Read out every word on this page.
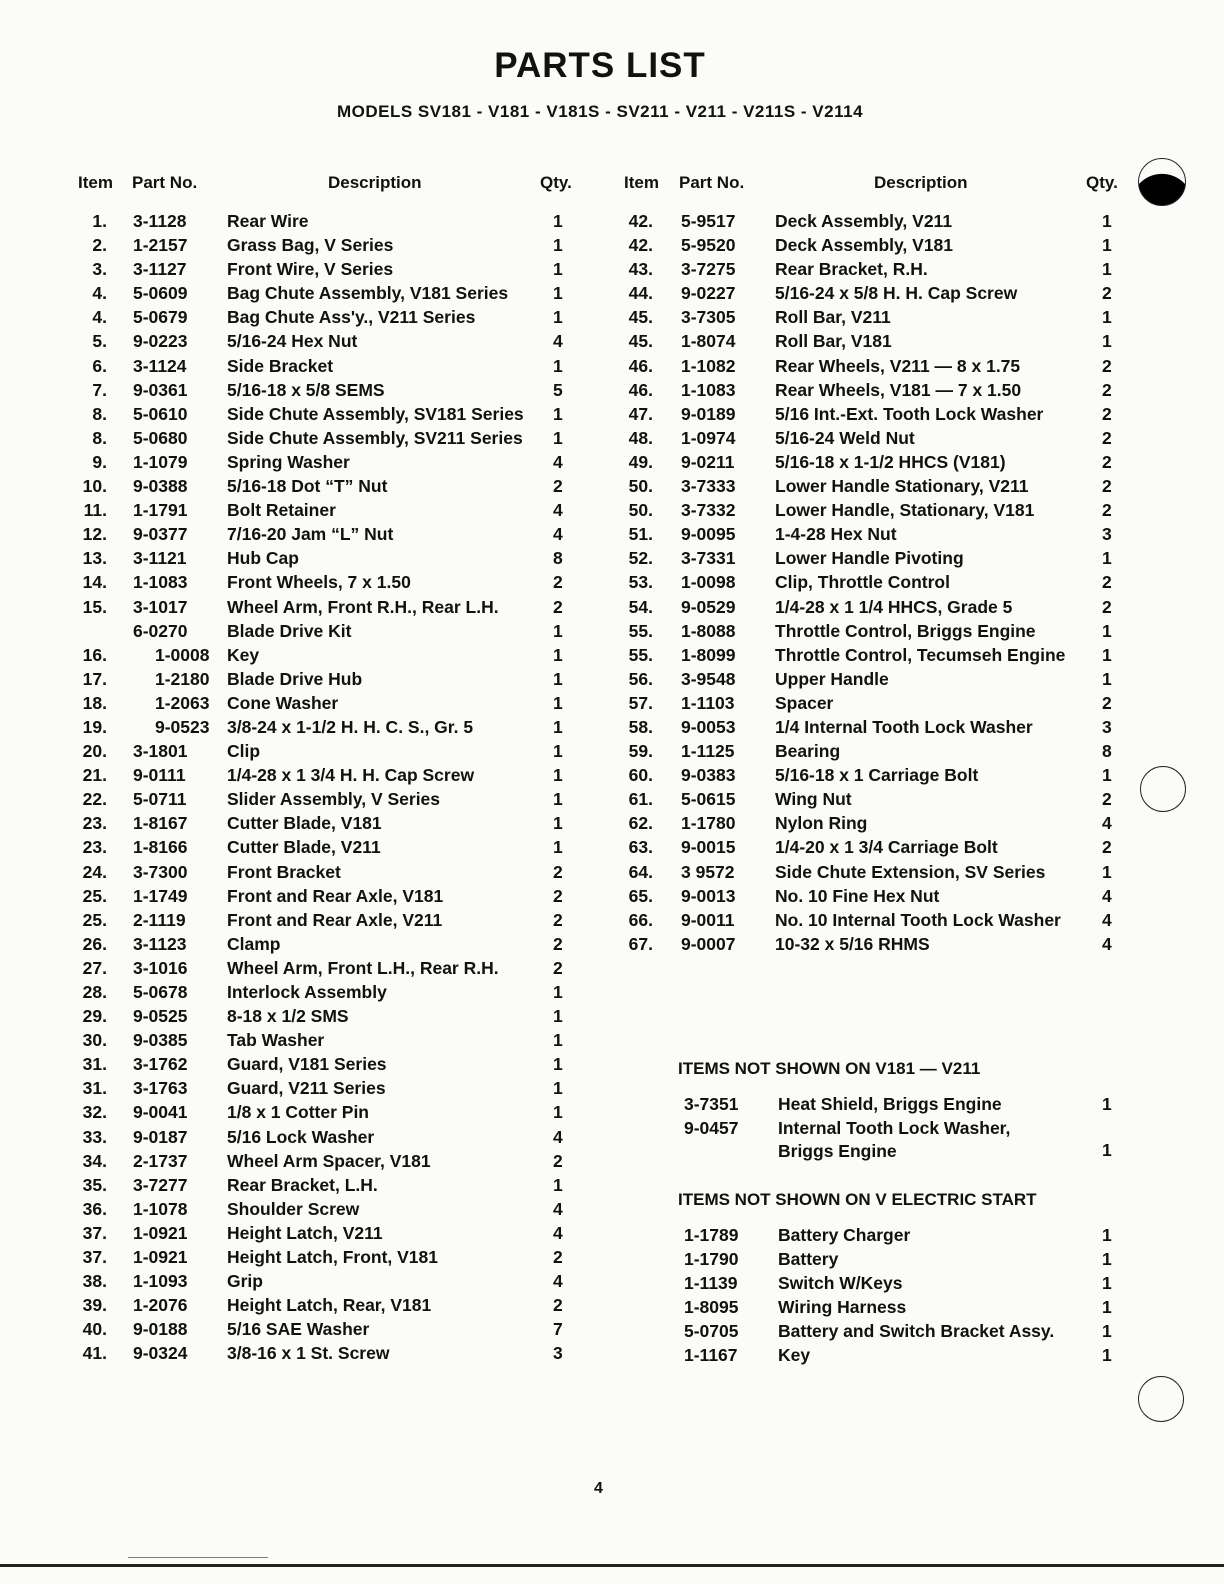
PARTS LIST
MODELS SV181 - V181 - V181S - SV211 - V211 - V211S - V2114
Item Part No.	Description	Qty.	Item Part No.	Description	Qty.
1. 3-1128 Rear Wire	1
2. 1-2157 Grass Bag, V Series	1
3. 3-1127 Front Wire, V Series	1
4. 5-0609 Bag Chute Assembly, V181 Series	1
4. 5-0679 Bag Chute Ass'y., V211 Series	1
5. 9-0223 5/16-24 Hex Nut	4
6. 3-1124 Side Bracket	1
7. 9-0361 5/16-18 x 5/8 SEMS	5
8. 5-0610 Side Chute Assembly, SV181 Series 1
8. 5-0680 Side Chute Assembly, SV211 Series 1
9. 1-1079 Spring Washer	4
10. 9-0388 5/16-18 Dot “T” Nut	2
11. 1-1791 Bolt Retainer	4
12. 9-0377 7/16-20 Jam “L” Nut	4
13. 3-1121 Hub Cap	8
14. 1-1083 Front Wheels, 7 x 1.50	2
15. 3-1017 Wheel Arm, Front R.H., Rear L.H.	2
6-0270 Blade Drive Kit	1
16.	1-0008 Key	1
17.	1-2180 Blade Drive Hub	1
18.	1-2063 Cone Washer	1
19.	9-0523 3/8-24 x 1-1/2 H. H. C. S., Gr. 5	1
20. 3-1801 Clip	1
21. 9-0111 1/4-28 x 1 3/4 H. H. Cap Screw	1
22. 5-0711 Slider Assembly, V Series	1
23. 1-8167 Cutter Blade, V181	1
23. 1-8166 Cutter Blade, V211	1
24. 3-7300 Front Bracket	2
25. 1-1749 Front and Rear Axle, V181	2
25. 2-1119 Front and Rear Axle, V211	2
26. 3-1123 Clamp	2
27. 3-1016 Wheel Arm, Front L.H., Rear R.H.	2
28. 5-0678 Interlock Assembly	1
29. 9-0525 8-18 x 1/2 SMS	1
30. 9-0385 Tab Washer	1
31. 3-1762 Guard, V181 Series	1
31. 3-1763 Guard, V211 Series	1
32. 9-0041 1/8 x 1 Cotter Pin	1
33. 9-0187 5/16 Lock Washer	4
34. 2-1737 Wheel Arm Spacer, V181	2
35. 3-7277 Rear Bracket, L.H.	1
36. 1-1078 Shoulder Screw	4
37. 1-0921 Height Latch, V211	4
37. 1-0921 Height Latch, Front, V181	2
38. 1-1093 Grip	4
39. 1-2076 Height Latch, Rear, V181	2
40. 9-0188 5/16 SAE Washer	7
41. 9-0324 3/8-16 x 1 St. Screw	3
42. 5-9517 Deck Assembly, V211	1
42. 5-9520 Deck Assembly, V181	1
43. 3-7275 Rear Bracket, R.H.	1
44. 9-0227 5/16-24 x 5/8 H. H. Cap Screw	2
45. 3-7305 Roll Bar, V211	1
45. 1-8074 Roll Bar, V181	1
46. 1-1082 Rear Wheels, V211 — 8 x 1.75	2
46. 1-1083 Rear Wheels, V181 — 7 x 1.50	2
47. 9-0189 5/16 Int.-Ext. Tooth Lock Washer	2
48. 1-0974 5/16-24 Weld Nut	2
49. 9-0211 5/16-18 x 1-1/2 HHCS (V181)	2
50. 3-7333 Lower Handle Stationary, V211	2
50. 3-7332 Lower Handle, Stationary, V181	2
51. 9-0095 1-4-28 Hex Nut	3
52. 3-7331 Lower Handle Pivoting	1
53. 1-0098 Clip, Throttle Control	2
54. 9-0529 1/4-28 x 1 1/4 HHCS, Grade 5	2
55. 1-8088 Throttle Control, Briggs Engine	1
55. 1-8099 Throttle Control, Tecumseh Engine 1
56. 3-9548 Upper Handle	1
57. 1-1103 Spacer	2
58. 9-0053 1/4 Internal Tooth Lock Washer	3
59. 1-1125 Bearing	8
60. 9-0383 5/16-18 x 1 Carriage Bolt	1
61. 5-0615 Wing Nut	2
62. 1-1780 Nylon Ring	4
63. 9-0015 1/4-20 x 1 3/4 Carriage Bolt	2
64. 3 9572 Side Chute Extension, SV Series	1
65. 9-0013 No. 10 Fine Hex Nut	4
66. 9-0011 No. 10 Internal Tooth Lock Washer 4
67. 9-0007 10-32 x 5/16 RHMS	4
ITEMS NOT SHOWN ON V181 — V211
3-7351 Heat Shield, Briggs Engine	1
9-0457 Internal Tooth Lock Washer,
Briggs Engine	1
ITEMS NOT SHOWN ON V ELECTRIC START
1-1789 Battery Charger	1
1-1790 Battery	1
1-1139 Switch W/Keys	1
1-8095 Wiring Harness	1
5-0705 Battery and Switch Bracket Assy.	1
1-1167 Key	1
4
